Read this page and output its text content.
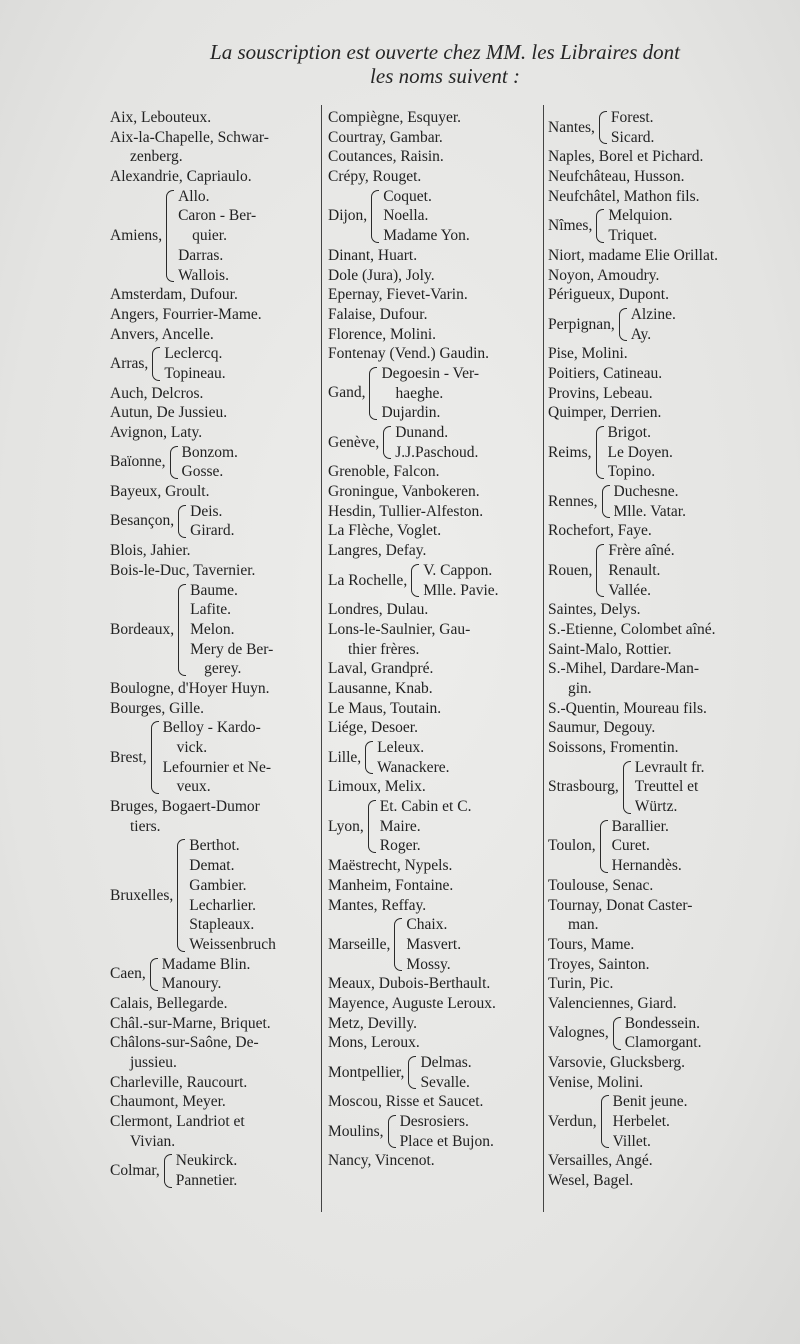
La souscription est ouverte chez MM. les Libraires dont
les noms suivent :
Aix, Lebouteux.
Aix-la-Chapelle, Schwar-
zenberg.
Alexandrie, Capriaulo.
Amiens,
Allo.
Caron - Ber-
quier.
Darras.
Wallois.
Amsterdam, Dufour.
Angers, Fourrier-Mame.
Anvers, Ancelle.
Arras,
Leclercq.
Topineau.
Auch, Delcros.
Autun, De Jussieu.
Avignon, Laty.
Baïonne,
Bonzom.
Gosse.
Bayeux, Groult.
Besançon,
Deis.
Girard.
Blois, Jahier.
Bois-le-Duc, Tavernier.
Bordeaux,
Baume.
Lafite.
Melon.
Mery de Ber-
gerey.
Boulogne, d'Hoyer Huyn.
Bourges, Gille.
Brest,
Belloy - Kardo-
vick.
Lefournier et Ne-
veux.
Bruges, Bogaert-Dumor
tiers.
Bruxelles,
Berthot.
Demat.
Gambier.
Lecharlier.
Stapleaux.
Weissenbruch
Caen,
Madame Blin.
Manoury.
Calais, Bellegarde.
Châl.-sur-Marne, Briquet.
Châlons-sur-Saône, De-
jussieu.
Charleville, Raucourt.
Chaumont, Meyer.
Clermont, Landriot et
Vivian.
Colmar,
Neukirck.
Pannetier.
Compiègne, Esquyer.
Courtray, Gambar.
Coutances, Raisin.
Crépy, Rouget.
Dijon,
Coquet.
Noella.
Madame Yon.
Dinant, Huart.
Dole (Jura), Joly.
Epernay, Fievet-Varin.
Falaise, Dufour.
Florence, Molini.
Fontenay (Vend.) Gaudin.
Gand,
Degoesin - Ver-
haeghe.
Dujardin.
Genève,
Dunand.
J.J.Paschoud.
Grenoble, Falcon.
Groningue, Vanbokeren.
Hesdin, Tullier-Alfeston.
La Flèche, Voglet.
Langres, Defay.
La Rochelle,
V. Cappon.
Mlle. Pavie.
Londres, Dulau.
Lons-le-Saulnier, Gau-
thier frères.
Laval, Grandpré.
Lausanne, Knab.
Le Maus, Toutain.
Liége, Desoer.
Lille,
Leleux.
Wanackere.
Limoux, Melix.
Lyon,
Et. Cabin et C.
Maire.
Roger.
Maëstrecht, Nypels.
Manheim, Fontaine.
Mantes, Reffay.
Marseille,
Chaix.
Masvert.
Mossy.
Meaux, Dubois-Berthault.
Mayence, Auguste Leroux.
Metz, Devilly.
Mons, Leroux.
Montpellier,
Delmas.
Sevalle.
Moscou, Risse et Saucet.
Moulins,
Desrosiers.
Place et Bujon.
Nancy, Vincenot.
Nantes,
Forest.
Sicard.
Naples, Borel et Pichard.
Neufchâteau, Husson.
Neufchâtel, Mathon fils.
Nîmes,
Melquion.
Triquet.
Niort, madame Elie Orillat.
Noyon, Amoudry.
Périgueux, Dupont.
Perpignan,
Alzine.
Ay.
Pise, Molini.
Poitiers, Catineau.
Provins, Lebeau.
Quimper, Derrien.
Reims,
Brigot.
Le Doyen.
Topino.
Rennes,
Duchesne.
Mlle. Vatar.
Rochefort, Faye.
Rouen,
Frère aîné.
Renault.
Vallée.
Saintes, Delys.
S.-Etienne, Colombet aîné.
Saint-Malo, Rottier.
S.-Mihel, Dardare-Man-
gin.
S.-Quentin, Moureau fils.
Saumur, Degouy.
Soissons, Fromentin.
Strasbourg,
Levrault fr.
Treuttel et
Würtz.
Toulon,
Barallier.
Curet.
Hernandès.
Toulouse, Senac.
Tournay, Donat Caster-
man.
Tours, Mame.
Troyes, Sainton.
Turin, Pic.
Valenciennes, Giard.
Valognes,
Bondessein.
Clamorgant.
Varsovie, Glucksberg.
Venise, Molini.
Verdun,
Benit jeune.
Herbelet.
Villet.
Versailles, Angé.
Wesel, Bagel.
